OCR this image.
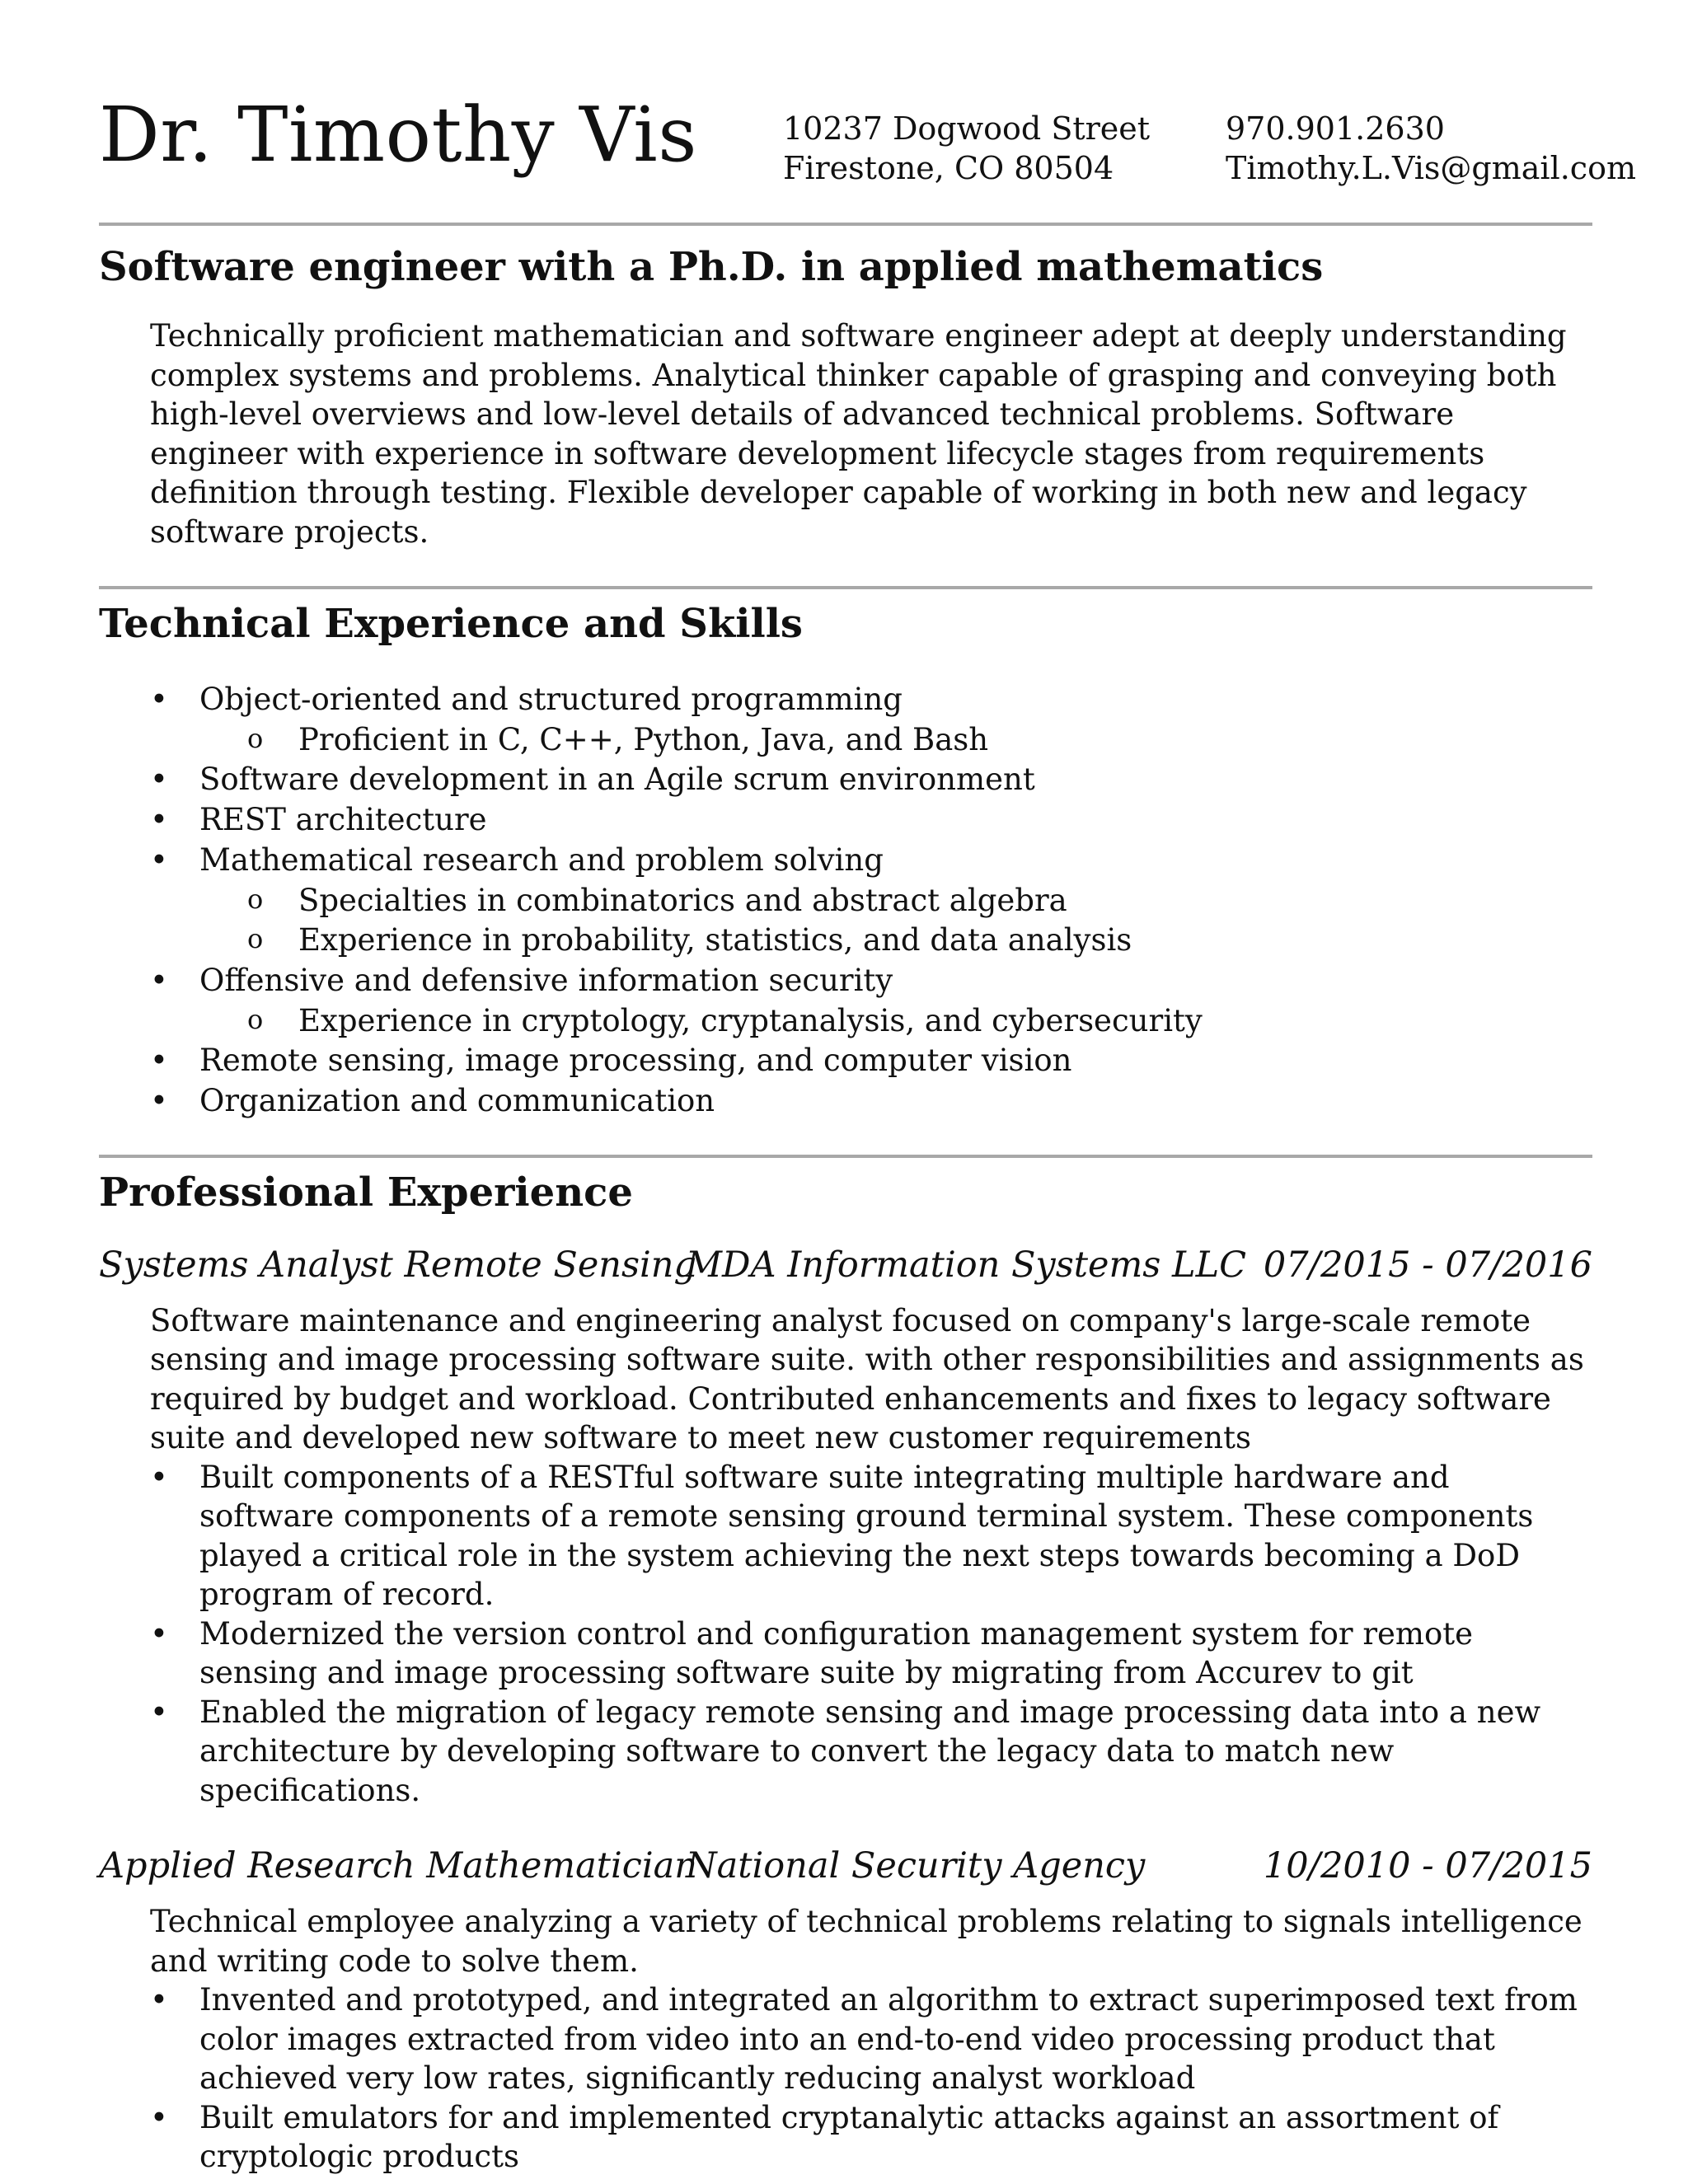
Dr. Timothy Vis	10237 Dogwood Street
Firestone, CO 80504
970.901.2630
Timothy.L.Vis@gmail.com
Software engineer with a Ph.D. in applied mathematics

Technically proficient mathematician and software engineer adept at deeply understanding complex systems and problems. Analytical thinker capable of grasping and conveying both high-level overviews and low-level details of advanced technical problems. Software engineer with experience in software development lifecycle stages from requirements definition through testing. Flexible developer capable of working in both new and legacy software projects.

Technical Experience and Skills
• Object-oriented and structured programming
o Proficient in C, C++, Python, Java, and Bash
• Software development in an Agile scrum environment
• REST architecture
• Mathematical research and problem solving
o Specialties in combinatorics and abstract algebra
o Experience in probability, statistics, and data analysis
• Offensive and defensive information security
o Experience in cryptology, cryptanalysis, and cybersecurity
• Remote sensing, image processing, and computer vision
• Organization and communication
Professional Experience
Systems Analyst Remote Sensing
MDA Information Systems LLC 07/2015 - 07/2016

Software maintenance and engineering analyst focused on company's large-scale remote sensing and image processing software suite. with other responsibilities and assignments as required by budget and workload. Contributed enhancements and fixes to legacy software suite and developed new software to meet new customer requirements

• Built components of a RESTful software suite integrating multiple hardware and software components of a remote sensing ground terminal system. These components played a critical role in the system achieving the next steps towards becoming a DoD program of record.
• Modernized the version control and configuration management system for remote sensing and image processing software suite by migrating from Accurev to git
• Enabled the migration of legacy remote sensing and image processing data into a new architecture by developing software to convert the legacy data to match new specifications.
Applied Research Mathematician
National Security Agency	10/2010 - 07/2015

Technical employee analyzing a variety of technical problems relating to signals intelligence and writing code to solve them.

• Invented and prototyped, and integrated an algorithm to extract superimposed text from color images extracted from video into an end-to-end video processing product that achieved very low rates, significantly reducing analyst workload
• Built emulators for and implemented cryptanalytic attacks against an assortment of cryptologic products
